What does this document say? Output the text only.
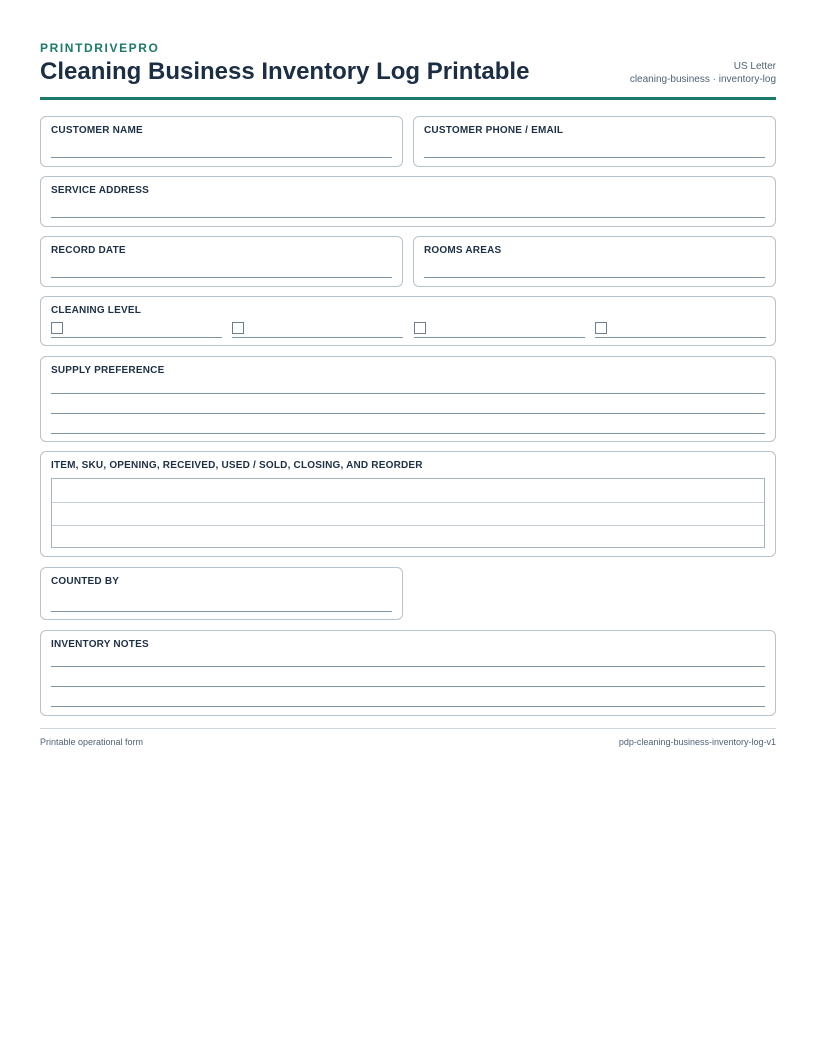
PRINTDRIVEPRO
Cleaning Business Inventory Log Printable	US Letter
cleaning-business · inventory-log
CUSTOMER NAME	CUSTOMER PHONE / EMAIL
SERVICE ADDRESS
RECORD DATE	ROOMS AREAS
CLEANING LEVEL
SUPPLY PREFERENCE
ITEM, SKU, OPENING, RECEIVED, USED / SOLD, CLOSING, AND REORDER
COUNTED BY
INVENTORY NOTES
Printable operational form	pdp-cleaning-business-inventory-log-v1
